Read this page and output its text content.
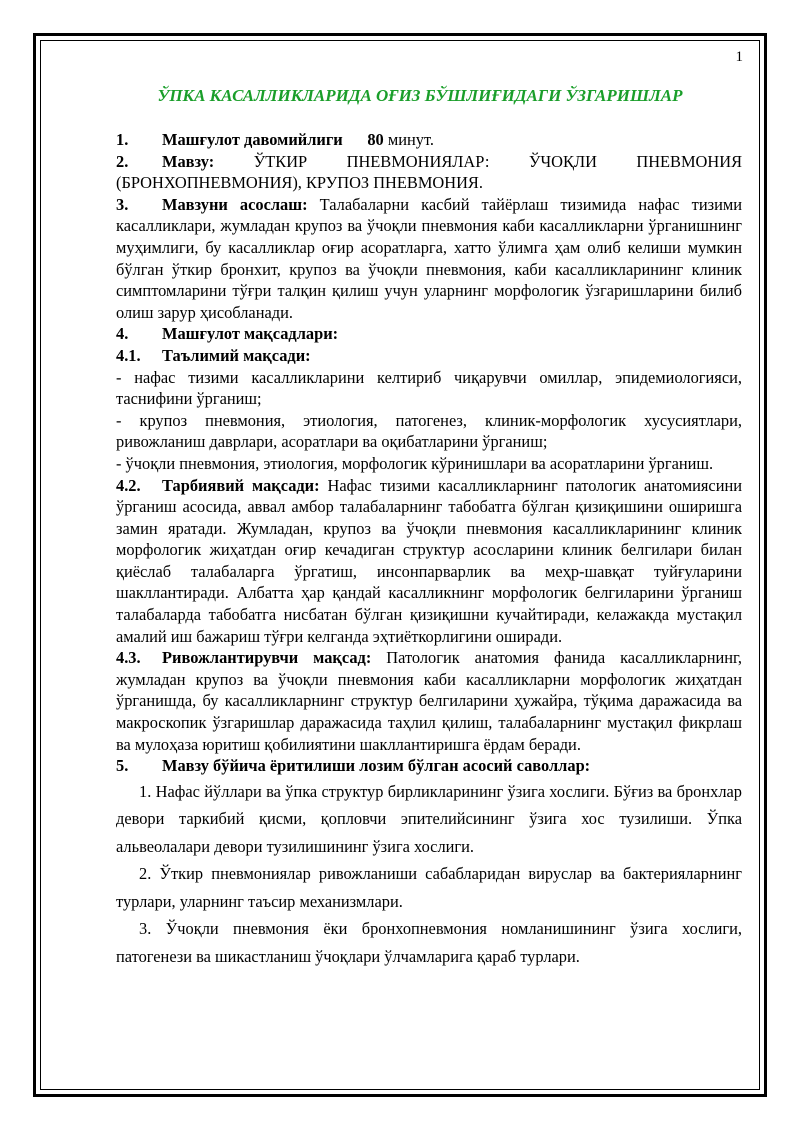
1
ЎПКА КАСАЛЛИКЛАРИДА ОҒИЗ БЎШЛИҒИДАГИ ЎЗГАРИШЛАР

1. Машғулот давомийлиги 80 минут.

2. Мавзу: ЎТКИР ПНЕВМОНИЯЛАР: ЎЧОҚЛИ ПНЕВМОНИЯ (БРОНХОПНЕВМОНИЯ), КРУПОЗ ПНЕВМОНИЯ.

3. Мавзуни асослаш: Талабаларни касбий тайёрлаш тизимида нафас тизими касалликлари, жумладан крупоз ва ўчоқли пневмония каби касалликларни ўрганишнинг муҳимлиги, бу касалликлар оғир асоратларга, хатто ўлимга ҳам олиб келиши мумкин бўлган ўткир бронхит, крупоз ва ўчоқли пневмония, каби касалликларининг клиник симптомларини тўғри талқин қилиш учун уларнинг морфологик ўзгаришларини билиб олиш зарур ҳисобланади.

4. Машғулот мақсадлари:

4.1. Таълимий мақсади:

- нафас тизими касалликларини келтириб чиқарувчи омиллар, эпидемиологияси, таснифини ўрганиш;

- крупоз пневмония, этиология, патогенез, клиник-морфологик хусусиятлари, ривожланиш даврлари, асоратлари ва оқибатларини ўрганиш;

- ўчоқли пневмония, этиология, морфологик кўринишлари ва асоратларини ўрганиш.

4.2. Тарбиявий мақсади: Нафас тизими касалликларнинг патологик анатомиясини ўрганиш асосида, аввал амбор талабаларнинг табобатга бўлган қизиқишини оширишга замин яратади. Жумладан, крупоз ва ўчоқли пневмония касалликларининг клиник морфологик жиҳатдан оғир кечадиган структур асосларини клиник белгилари билан қиёслаб талабаларга ўргатиш, инсонпарварлик ва меҳр-шавқат туйғуларини шакллантиради. Албатта ҳар қандай касалликнинг морфологик белгиларини ўрганиш талабаларда табобатга нисбатан бўлган қизиқишни кучайтиради, келажакда мустақил амалий иш бажариш тўғри келганда эҳтиёткорлигини оширади.

4.3. Ривожлантирувчи мақсад: Патологик анатомия фанида касалликларнинг, жумладан крупоз ва ўчоқли пневмония каби касалликларни морфологик жиҳатдан ўрганишда, бу касалликларнинг структур белгиларини ҳужайра, тўқима даражасида ва макроскопик ўзгаришлар даражасида таҳлил қилиш, талабаларнинг мустақил фикрлаш ва мулоҳаза юритиш қобилиятини шакллантиришга ёрдам беради.

5. Мавзу бўйича ёритилиши лозим бўлган асосий саволлар:

1. Нафас йўллари ва ўпка структур бирликларининг ўзига хослиги. Бўғиз ва бронхлар девори таркибий қисми, қопловчи эпителийсининг ўзига хос тузилиши. Ўпка альвеолалари девори тузилишининг ўзига хослиги.

2. Ўткир пневмониялар ривожланиши сабабларидан вируслар ва бактерияларнинг турлари, уларнинг таъсир механизмлари.

3. Ўчоқли пневмония ёки бронхопневмония номланишининг ўзига хослиги, патогенези ва шикастланиш ўчоқлари ўлчамларига қараб турлари.
